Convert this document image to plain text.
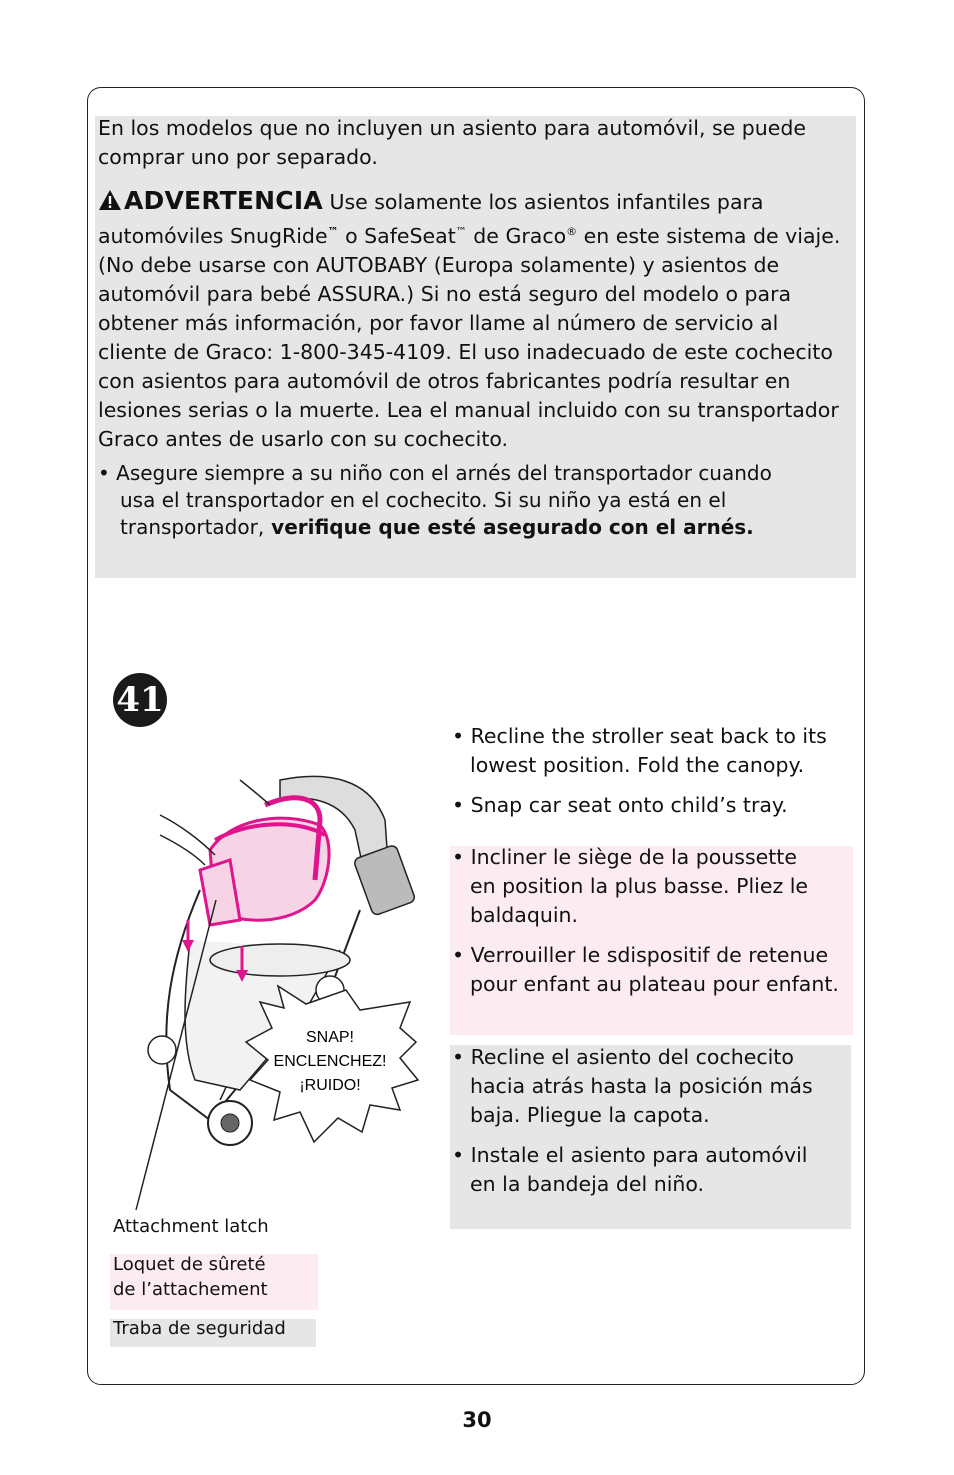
En los modelos que no incluyen un asiento para automóvil, se puede comprar uno por separado.

ADVERTENCIA Use solamente los asientos infantiles para automóviles SnugRide™ o SafeSeat™ de Graco® en este sistema de viaje. (No debe usarse con AUTOBABY (Europa solamente) y asientos de automóvil para bebé ASSURA.) Si no está seguro del modelo o para obtener más información, por favor llame al número de servicio al cliente de Graco: 1-800-345-4109. El uso inadecuado de este cochecito con asientos para automóvil de otros fabricantes podría resultar en lesiones serias o la muerte. Lea el manual incluido con su transportador Graco antes de usarlo con su cochecito.

• Asegure siempre a su niño con el arnés del transportador cuando
usa el transportador en el cochecito. Si su niño ya está en el transportador, verifique que esté asegurado con el arnés.

41
SNAP!
ENCLENCHEZ!
¡RUIDO!

• Recline the stroller seat back to its
lowest position. Fold the canopy.
• Snap car seat onto child’s tray.

• Incliner le siège de la poussette
en position la plus basse. Pliez le baldaquin.
• Verrouiller le sdispositif de retenue
pour enfant au plateau pour enfant.

• Recline el asiento del cochecito
hacia atrás hasta la posición más baja. Pliegue la capota.
• Instale el asiento para automóvil
en la bandeja del niño.

Attachment latch
Loquet de sûreté
de l’attachement
Traba de seguridad
30
